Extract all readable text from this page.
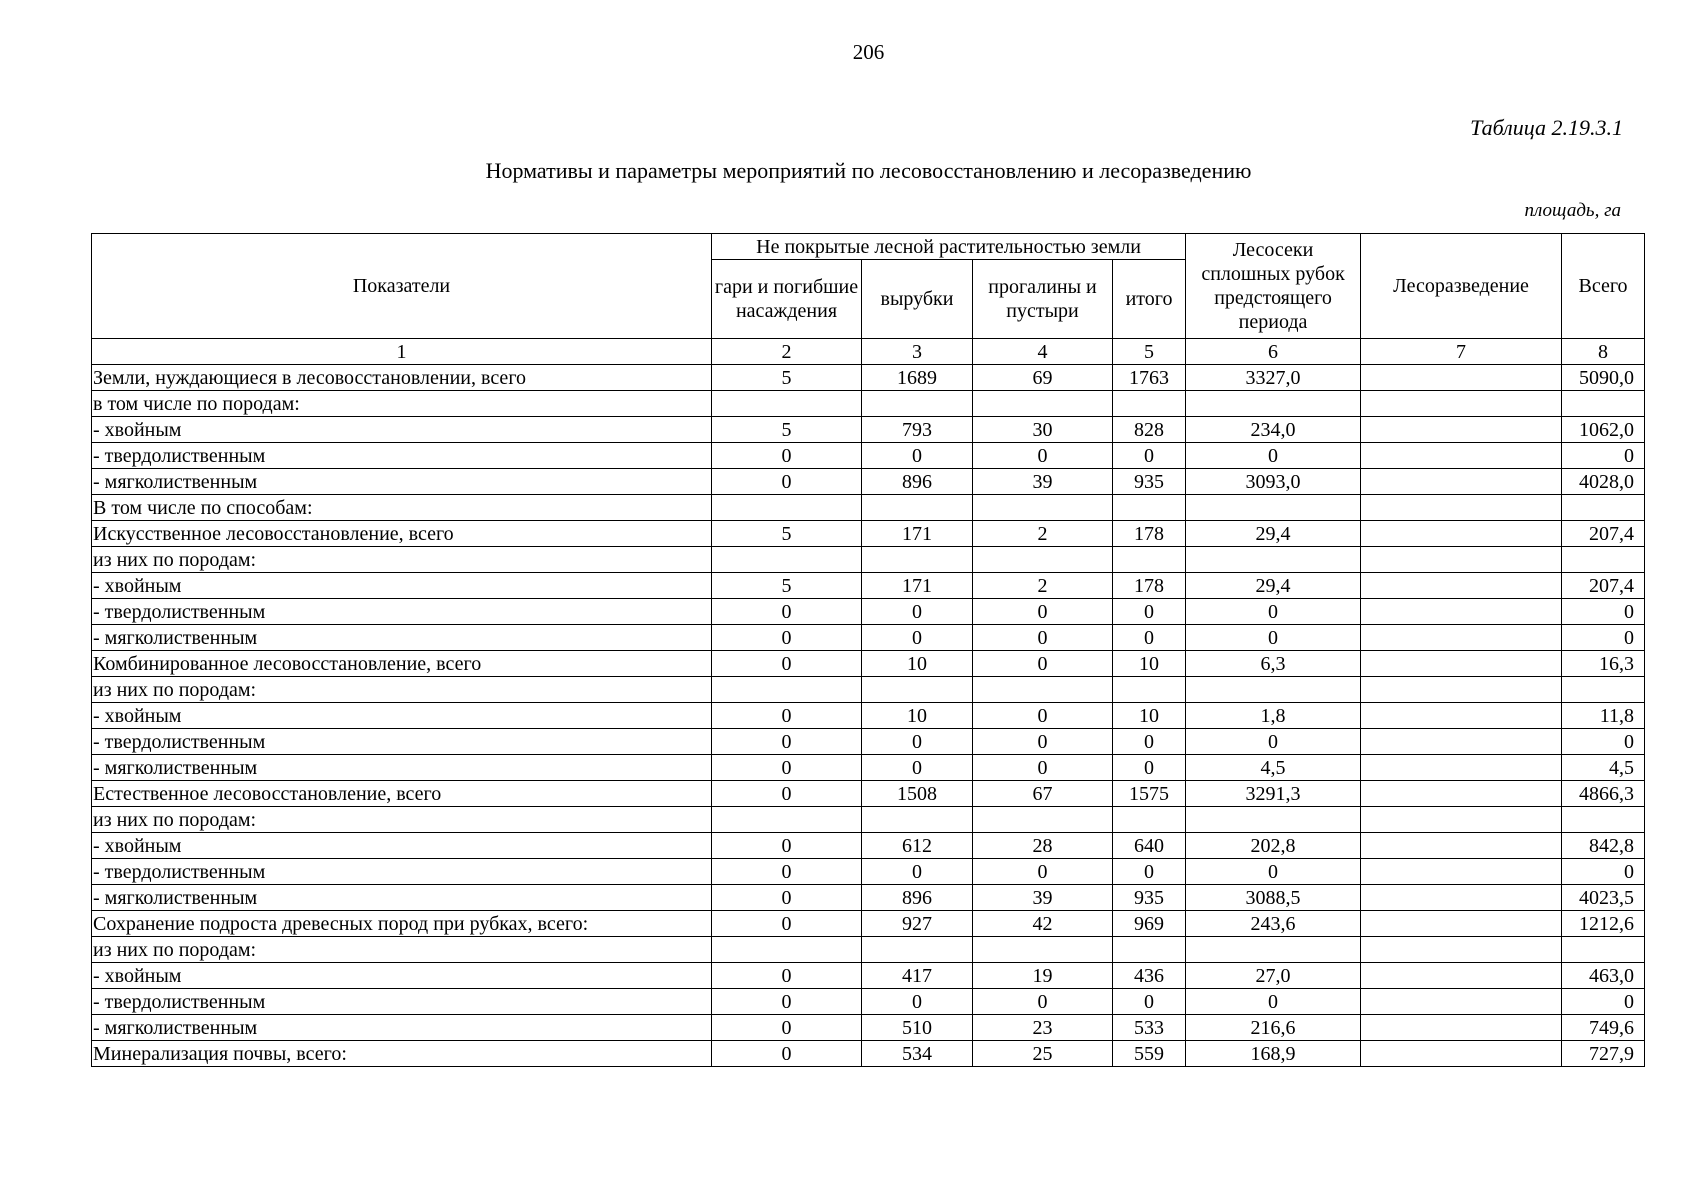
206
Таблица 2.19.3.1
Нормативы и параметры мероприятий по лесовосстановлению и лесоразведению
площадь, га
Показатели	Не покрытые лесной растительностью земли				Лесосеки сплошных рубок предстоящего периода	Лесоразведение	Всего
	гари и погибшие насаждения	вырубки	прогалины и пустыри	итого			
1	2	3	4	5	6	7	8
Земли, нуждающиеся в лесовосстановлении, всего	5	1689	69	1763	3327,0		5090,0
в том числе по породам:							
- хвойным	5	793	30	828	234,0		1062,0
- твердолиственным	0	0	0	0	0		0
- мягколиственным	0	896	39	935	3093,0		4028,0
В том числе по способам:							
Искусственное лесовосстановление, всего	5	171	2	178	29,4		207,4
из них по породам:							
- хвойным	5	171	2	178	29,4		207,4
- твердолиственным	0	0	0	0	0		0
- мягколиственным	0	0	0	0	0		0
Комбинированное лесовосстановление, всего	0	10	0	10	6,3		16,3
из них по породам:							
- хвойным	0	10	0	10	1,8		11,8
- твердолиственным	0	0	0	0	0		0
- мягколиственным	0	0	0	0	4,5		4,5
Естественное лесовосстановление, всего	0	1508	67	1575	3291,3		4866,3
из них по породам:							
- хвойным	0	612	28	640	202,8		842,8
- твердолиственным	0	0	0	0	0		0
- мягколиственным	0	896	39	935	3088,5		4023,5
Сохранение подроста древесных пород при рубках, всего:	0	927	42	969	243,6		1212,6
из них по породам:							
- хвойным	0	417	19	436	27,0		463,0
- твердолиственным	0	0	0	0	0		0
- мягколиственным	0	510	23	533	216,6		749,6
Минерализация почвы, всего:	0	534	25	559	168,9		727,9
